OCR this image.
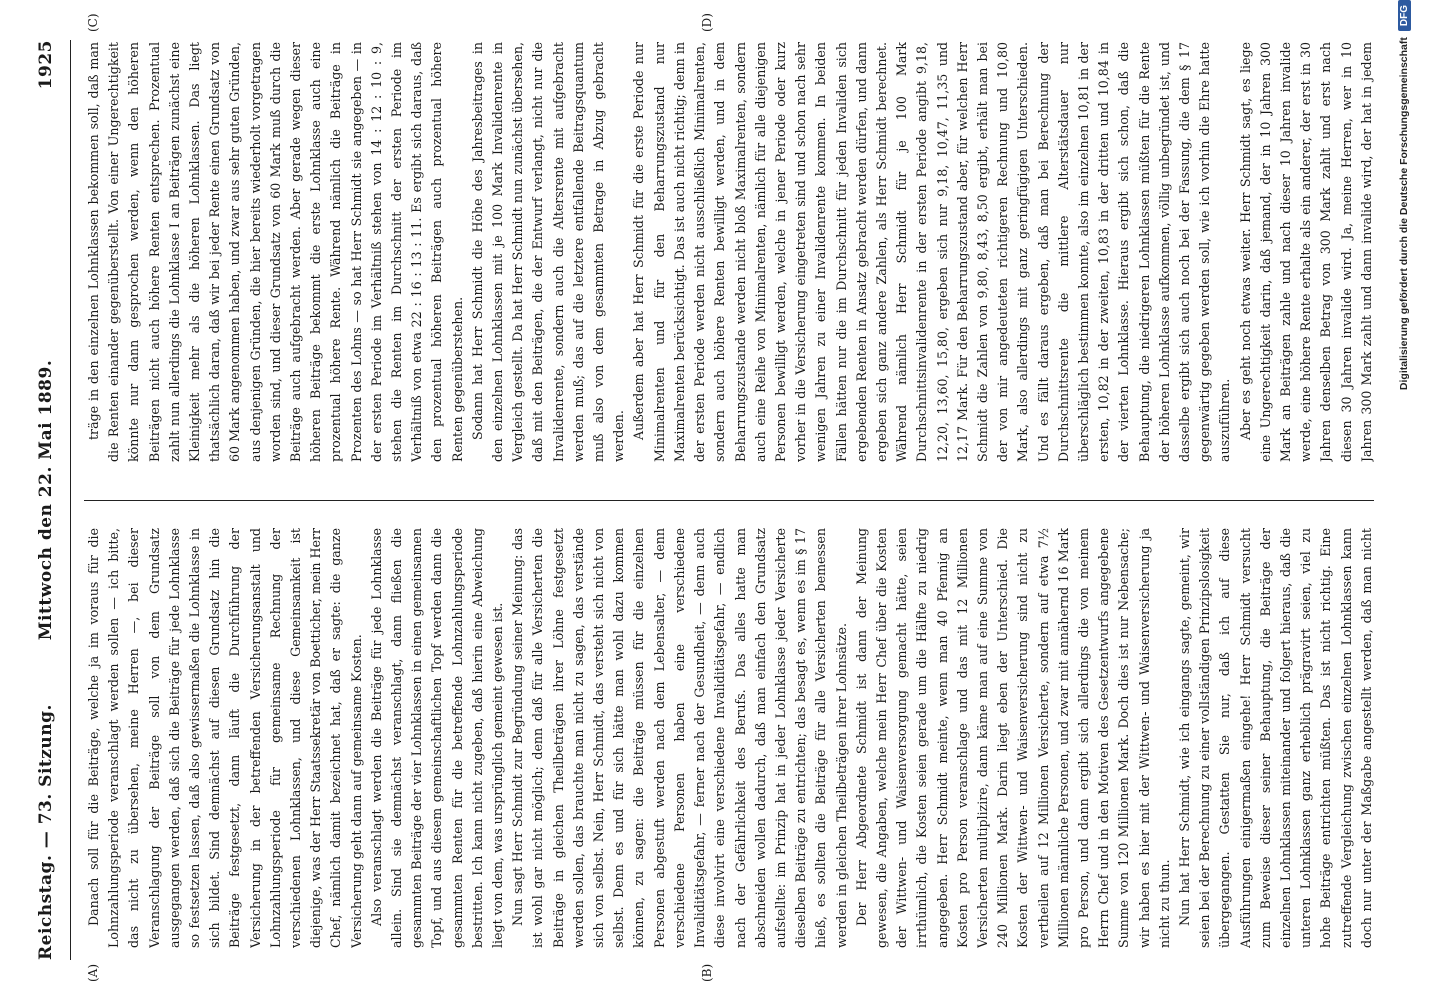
Reichstag. — 73. Sitzung.
Mittwoch den 22. Mai 1889.
1925
(A)	(B)
(C)	(D)

Danach soll für die Beiträge, welche ja im voraus für die Lohnzahlungsperiode veranschlagt werden sollen — ich bitte, das nicht zu übersehen, meine Herren —, bei dieser Veranschlagung der Beiträge soll von dem Grundsatz ausgegangen werden, daß sich die Beiträge für jede Lohnklasse so festsetzen lassen, daß also gewissermaßen die Lohnklasse in sich bildet. Sind demnächst auf diesen Grundsatz hin die Beiträge festgesetzt, dann läuft die Durchführung der Versicherung in der betreffenden Versicherungsanstalt und Lohnzahlungsperiode für gemeinsame Rechnung der verschiedenen Lohnklassen, und diese Gemeinsamkeit ist diejenige, was der Herr Staatssekretär von Boetticher, mein Herr Chef, nämlich damit bezeichnet hat, daß er sagte: die ganze Versicherung geht dann auf gemeinsame Kosten. Also veranschlagt werden die Beiträge für jede Lohnklasse allein. Sind sie demnächst veranschlagt, dann fließen die gesammten Beiträge der vier Lohnklassen in einen gemeinsamen Topf, und aus diesem gemeinschaftlichen Topf werden dann die gesammten Renten für die betreffende Lohnzahlungsperiode bestritten. Ich kann nicht zugeben, daß hierin eine Abweichung liegt von dem, was ursprünglich gemeint gewesen ist. Nun sagt Herr Schmidt zur Begründung seiner Meinung: das ist wohl gar nicht möglich; denn daß für alle Versicherten die Beiträge in gleichen Theilbeträgen ihrer Löhne festgesetzt werden sollen, das brauchte man nicht zu sagen, das verstände sich von selbst. Nein, Herr Schmidt, das versteht sich nicht von selbst. Denn es und für sich hätte man wohl dazu kommen können, zu sagen: die Beiträge müssen für die einzelnen Personen abgestuft werden nach dem Lebensalter, — denn verschiedene Personen haben eine verschiedene Invaliditätsgefahr, — ferner nach der Gesundheit, — denn auch diese involvirt eine verschiedene Invaliditätsgefahr, — endlich nach der Gefährlichkeit des Berufs. Das alles hatte man abschneiden wollen dadurch, daß man einfach den Grundsatz aufstellte: im Prinzip hat in jeder Lohnklasse jeder Versicherte dieselben Beiträge zu entrichten; das besagt es, wenn es im § 17 hieß, es sollten die Beiträge für alle Versicherten bemessen werden in gleichen Theilbeträgen ihrer Lohnsätze. Der Herr Abgeordnete Schmidt ist dann der Meinung gewesen, die Angaben, welche mein Herr Chef über die Kosten der Wittwen- und Waisenversorgung gemacht hätte, seien irrthümlich, die Kosten seien gerade um die Hälfte zu niedrig angegeben. Herr Schmidt meinte, wenn man 40 Pfennig an Kosten pro Person veranschlage und das mit 12 Millionen Versicherten multiplizire, dann käme man auf eine Summe von 240 Millionen Mark. Darin liegt eben der Unterschied. Die Kosten der Wittwen- und Waisenversicherung sind nicht zu vertheilen auf 12 Millionen Versicherte, sondern auf etwa 7½ Millionen männliche Personen, und zwar mit annähernd 16 Mark pro Person, und dann ergibt sich allerdings die von meinem Herrn Chef und in den Motiven des Gesetzentwurfs angegebene Summe von 120 Millionen Mark. Doch dies ist nur Nebensache; wir haben es hier mit der Wittwen- und Waisenversicherung ja nicht zu thun. Nun hat Herr Schmidt, wie ich eingangs sagte, gemeint, wir seien bei der Berechnung zu einer vollständigen Prinzipslosigkeit übergegangen. Gestatten Sie nur, daß ich auf diese Ausführungen einigermaßen eingehe! Herr Schmidt versucht zum Beweise dieser seiner Behauptung, die Beiträge der einzelnen Lohnklassen miteinander und folgert hieraus, daß die unteren Lohnklassen ganz erheblich prägravirt seien, viel zu hohe Beiträge entrichten müßten. Das ist nicht richtig. Eine zutreffende Vergleichung zwischen einzelnen Lohnklassen kann doch nur unter der Maßgabe angestellt werden, daß man nicht

träge in den einzelnen Lohnklassen bekommen soll, daß man die Renten einander gegenüberstellt. Von einer Ungerechtigkeit könnte nur dann gesprochen werden, wenn den höheren Beiträgen nicht auch höhere Renten entsprechen. Prozentual zahlt nun allerdings die Lohnklasse I an Beiträgen zunächst eine Kleinigkeit mehr als die höheren Lohnklassen. Das liegt thatsächlich daran, daß wir bei jeder Rente einen Grundsatz von 60 Mark angenommen haben, und zwar aus sehr guten Gründen, aus denjenigen Gründen, die hier bereits wiederholt vorgetragen worden sind, und dieser Grundsatz von 60 Mark muß durch die Beiträge auch aufgebracht werden. Aber gerade wegen dieser höheren Beiträge bekommt die erste Lohnklasse auch eine prozentual höhere Rente. Während nämlich die Beiträge in Prozenten des Lohns — so hat Herr Schmidt sie angegeben — in der ersten Periode im Verhältniß stehen von 14 : 12 : 10 : 9, stehen die Renten im Durchschnitt der ersten Periode im Verhältniß von etwa 22 : 16 : 13 : 11. Es ergibt sich daraus, daß den prozentual höheren Beiträgen auch prozentual höhere Renten gegenüberstehen. Sodann hat Herr Schmidt die Höhe des Jahresbeitrages in den einzelnen Lohnklassen mit je 100 Mark Invalidenrente in Vergleich gestellt. Da hat Herr Schmidt nun zunächst übersehen, daß mit den Beiträgen, die der Entwurf verlangt, nicht nur die Invalidenrente, sondern auch die Altersrente mit aufgebracht werden muß; das auf die letztere entfallende Beitragsquantum muß also von dem gesammten Betrage in Abzug gebracht werden. Außerdem aber hat Herr Schmidt für die erste Periode nur Minimalrenten und für den Beharrungszustand nur Maximalrenten berücksichtigt. Das ist auch nicht richtig; denn in der ersten Periode werden nicht ausschließlich Minimalrenten, sondern auch höhere Renten bewilligt werden, und in dem Beharrungszustande werden nicht bloß Maximalrenten, sondern auch eine Reihe von Minimalrenten, nämlich für alle diejenigen Personen bewilligt werden, welche in jener Periode oder kurz vorher in die Versicherung eingetreten sind und schon nach sehr wenigen Jahren zu einer Invalidenrente kommen. In beiden Fällen hätten nur die im Durchschnitt für jeden Invaliden sich ergebenden Renten in Ansatz gebracht werden dürfen, und dann ergeben sich ganz andere Zahlen, als Herr Schmidt berechnet. Während nämlich Herr Schmidt für je 100 Mark Durchschnittsinvalidenrente in der ersten Periode angibt 9,18, 12,20, 13,60, 15,80, ergeben sich nur 9,18, 10,47, 11,35 und 12,17 Mark. Für den Beharrungszustand aber, für welchen Herr Schmidt die Zahlen von 9,80, 8,43, 8,50 ergibt, erhält man bei der von mir angedeuteten richtigeren Rechnung und 10,80 Mark, also allerdings mit ganz geringfügigen Unterschieden. Und es fällt daraus ergeben, daß man bei Berechnung der Durchschnittsrente die mittlere Alterstätsdauer nur überschläglich bestimmen konnte, also im einzelnen 10,81 in der ersten, 10,82 in der zweiten, 10,83 in der dritten und 10,84 in der vierten Lohnklasse. Hieraus ergibt sich schon, daß die Behauptung, die niedrigeren Lohnklassen müßten für die Rente der höheren Lohnklasse aufkommen, völlig unbegründet ist, und dasselbe ergibt sich auch noch bei der Fassung, die dem § 17 gegenwärtig gegeben werden soll, wie ich vorhin die Ehre hatte auszuführen. Aber es geht noch etwas weiter. Herr Schmidt sagt, es liege eine Ungerechtigkeit darin, daß jemand, der in 10 Jahren 300 Mark an Beiträgen zahle und nach dieser 10 Jahren invalide werde, eine höhere Rente erhalte als ein anderer, der erst in 30 Jahren denselben Betrag von 300 Mark zahlt und erst nach diesen 30 Jahren invalide wird. Ja, meine Herren, wer in 10 Jahren 300 Mark zahlt und dann invalide wird, der hat in jedem	Digitalisierung gefördert durch die Deutsche ForschungsgemeinschaftDFG
